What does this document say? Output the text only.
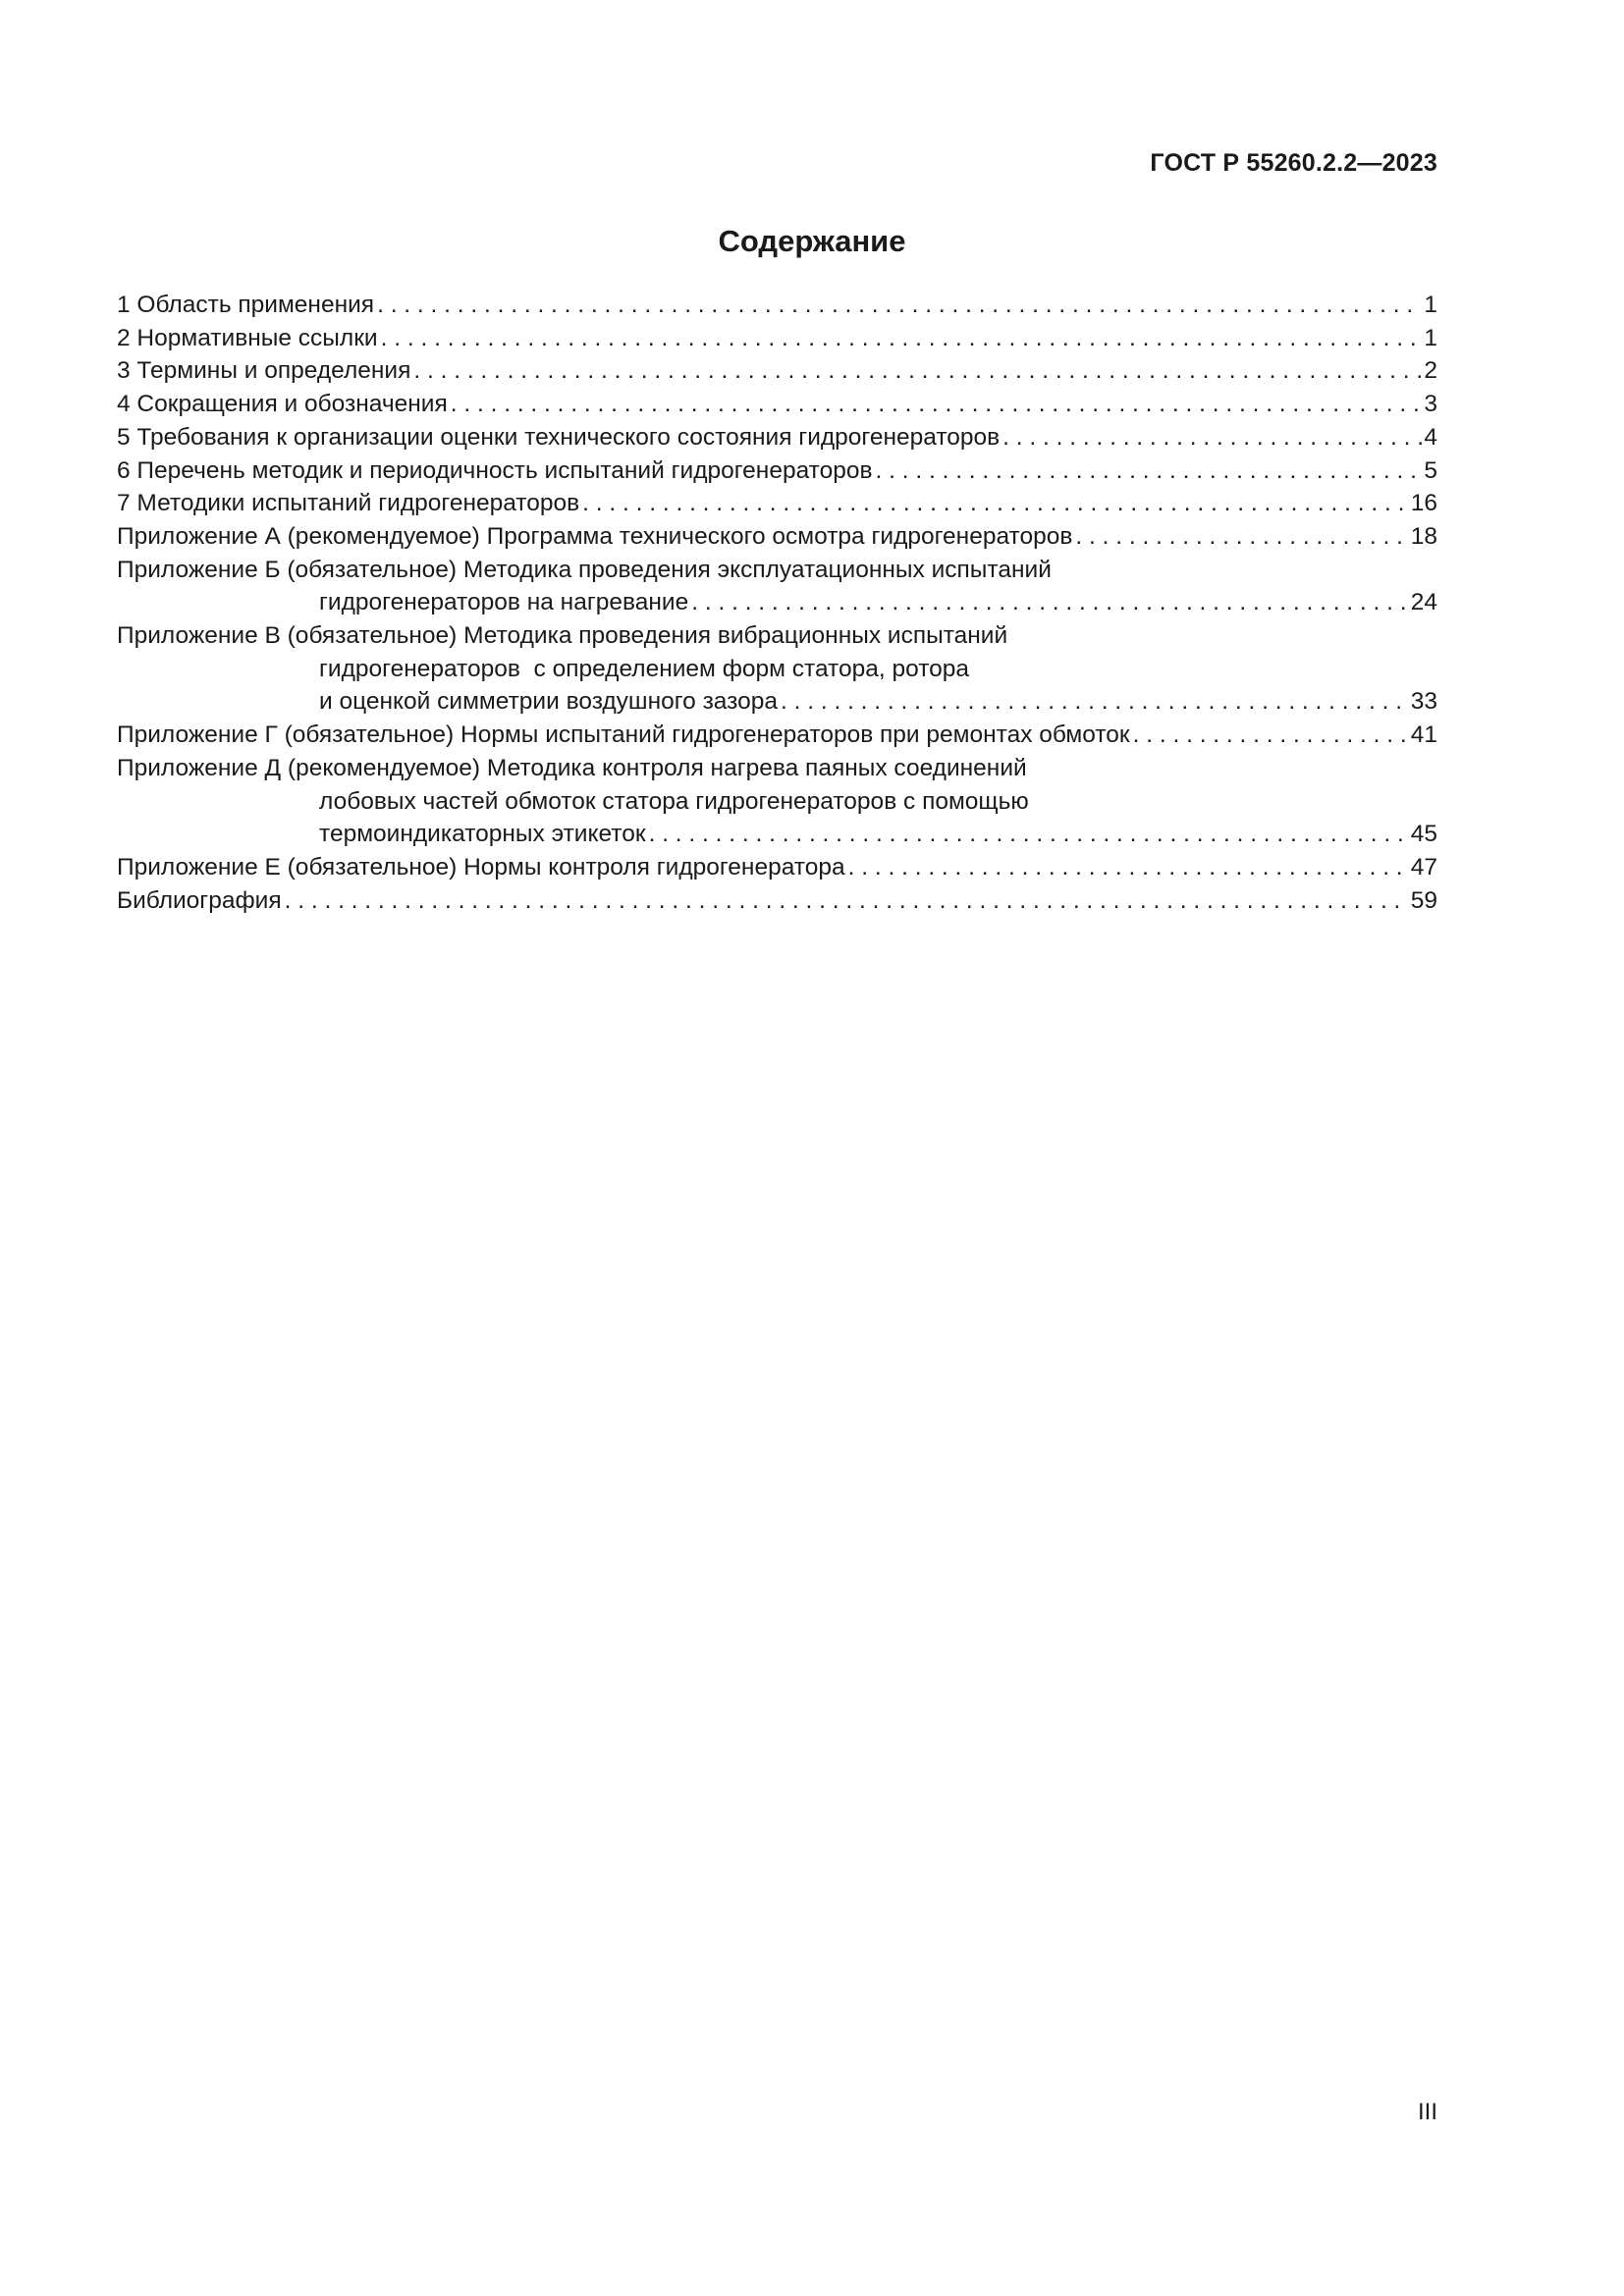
ГОСТ Р 55260.2.2—2023
Содержание
1 Область применения . . .	1
2 Нормативные ссылки . . .	1
3 Термины и определения . . .	2
4 Сокращения и обозначения . . .	3
5 Требования к организации оценки технического состояния гидрогенераторов . . .	4
6 Перечень методик и периодичность испытаний гидрогенераторов . . .	5
7 Методики испытаний гидрогенераторов . . .	16
Приложение А (рекомендуемое) Программа технического осмотра гидрогенераторов . . .	18
Приложение Б (обязательное) Методика проведения эксплуатационных испытаний
гидрогенераторов на нагревание . . .	24
Приложение В (обязательное) Методика проведения вибрационных испытаний
гидрогенераторов  с определением форм статора, ротора
и оценкой симметрии воздушного зазора . . .	33
Приложение Г (обязательное) Нормы испытаний гидрогенераторов при ремонтах обмоток . . .	41
Приложение Д (рекомендуемое) Методика контроля нагрева паяных соединений
лобовых частей обмоток статора гидрогенераторов с помощью
термоиндикаторных этикеток . . .	45
Приложение Е (обязательное) Нормы контроля гидрогенератора . . .	47
Библиография . . .	59
III
